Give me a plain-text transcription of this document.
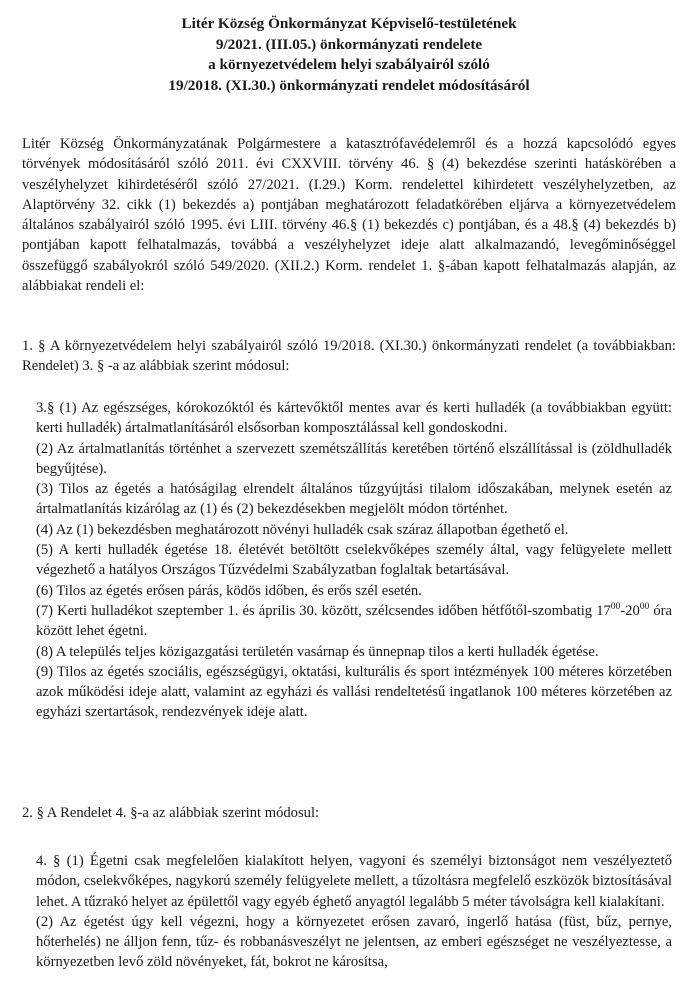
Litér Község Önkormányzat Képviselő-testületének
9/2021. (III.05.) önkormányzati rendelete
a környezetvédelem helyi szabályairól szóló
19/2018. (XI.30.) önkormányzati rendelet módosításáról

Litér Község Önkormányzatának Polgármestere a katasztrófavédelemről és a hozzá kapcsolódó egyes törvények módosításáról szóló 2011. évi CXXVIII. törvény 46. § (4) bekezdése szerinti hatáskörében a veszélyhelyzet kihirdetéséről szóló 27/2021. (I.29.) Korm. rendelettel kihirdetett veszélyhelyzetben, az Alaptörvény 32. cikk (1) bekezdés a) pontjában meghatározott feladatkörében eljárva a környezetvédelem általános szabályairól szóló 1995. évi LIII. törvény 46.§ (1) bekezdés c) pontjában, és a 48.§ (4) bekezdés b) pontjában kapott felhatalmazás, továbbá a veszélyhelyzet ideje alatt alkalmazandó, levegőminőséggel összefüggő szabályokról szóló 549/2020. (XII.2.) Korm. rendelet 1. §-ában kapott felhatalmazás alapján, az alábbiakat rendeli el:

1. § A környezetvédelem helyi szabályairól szóló 19/2018. (XI.30.) önkormányzati rendelet (a továbbiakban: Rendelet) 3. § -a az alábbiak szerint módosul:

3.§ (1) Az egészséges, kórokozóktól és kártevőktől mentes avar és kerti hulladék (a továbbiakban együtt: kerti hulladék) ártalmatlanításáról elsősorban komposztálással kell gondoskodni.

(2) Az ártalmatlanítás történhet a szervezett szemétszállítás keretében történő elszállítással is (zöldhulladék begyűjtése).

(3) Tilos az égetés a hatóságilag elrendelt általános tűzgyújtási tilalom időszakában, melynek esetén az ártalmatlanítás kizárólag az (1) és (2) bekezdésekben megjelölt módon történhet.

(4) Az (1) bekezdésben meghatározott növényi hulladék csak száraz állapotban égethető el.

(5) A kerti hulladék égetése 18. életévét betöltött cselekvőképes személy által, vagy felügyelete mellett végezhető a hatályos Országos Tűzvédelmi Szabályzatban foglaltak betartásával.

(6) Tilos az égetés erősen párás, ködös időben, és erős szél esetén.

(7) Kerti hulladékot szeptember 1. és április 30. között, szélcsendes időben hétfőtől-szombatig $17^{00}-20^{00}$ óra között lehet égetni.

(8) A település teljes közigazgatási területén vasárnap és ünnepnap tilos a kerti hulladék égetése.

(9) Tilos az égetés szociális, egészségügyi, oktatási, kulturális és sport intézmények 100 méteres körzetében azok működési ideje alatt, valamint az egyházi és vallási rendeltetésű ingatlanok 100 méteres körzetében az egyházi szertartások, rendezvények ideje alatt.

2. § A Rendelet 4. §-a az alábbiak szerint módosul:

4. § (1) Égetni csak megfelelően kialakított helyen, vagyoni és személyi biztonságot nem veszélyeztető módon, cselekvőképes, nagykorú személy felügyelete mellett, a tűzoltásra megfelelő eszközök biztosításával lehet. A tűzrakó helyet az épülettől vagy egyéb éghető anyagtól legalább 5 méter távolságra kell kialakítani.

(2) Az égetést úgy kell végezni, hogy a környezetet erősen zavaró, ingerlő hatása (füst, bűz, pernye, hőterhelés) ne álljon fenn, tűz- és robbanásveszélyt ne jelentsen, az emberi egészséget ne veszélyeztesse, a környezetben levő zöld növényeket, fát, bokrot ne károsítsa,
